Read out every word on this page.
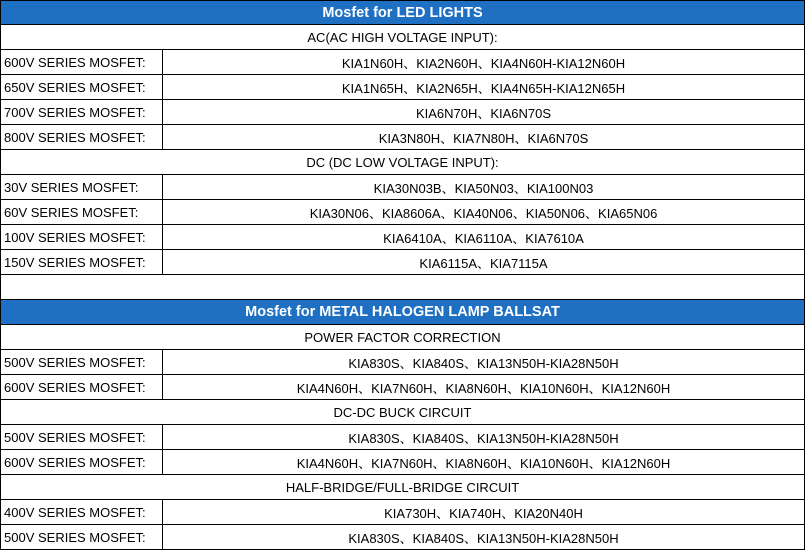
Mosfet for LED LIGHTS
AC(AC HIGH VOLTAGE INPUT):
600V SERIES MOSFET:	KIA1N60H、KIA2N60H、KIA4N60H-KIA12N60H
650V SERIES MOSFET:	KIA1N65H、KIA2N65H、KIA4N65H-KIA12N65H
700V SERIES MOSFET:	KIA6N70H、KIA6N70S
800V SERIES MOSFET:	KIA3N80H、KIA7N80H、KIA6N70S
DC (DC LOW VOLTAGE INPUT):
30V SERIES MOSFET:	KIA30N03B、KIA50N03、KIA100N03
60V SERIES MOSFET:	KIA30N06、KIA8606A、KIA40N06、KIA50N06、KIA65N06
100V SERIES MOSFET:	KIA6410A、KIA6110A、KIA7610A
150V SERIES MOSFET:	KIA6115A、KIA7115A
Mosfet for METAL HALOGEN LAMP BALLSAT
POWER FACTOR CORRECTION
500V SERIES MOSFET:	KIA830S、KIA840S、KIA13N50H-KIA28N50H
600V SERIES MOSFET:	KIA4N60H、KIA7N60H、KIA8N60H、KIA10N60H、KIA12N60H
DC-DC BUCK CIRCUIT
500V SERIES MOSFET:	KIA830S、KIA840S、KIA13N50H-KIA28N50H
600V SERIES MOSFET:	KIA4N60H、KIA7N60H、KIA8N60H、KIA10N60H、KIA12N60H
HALF-BRIDGE/FULL-BRIDGE CIRCUIT
400V SERIES MOSFET:	KIA730H、KIA740H、KIA20N40H
500V SERIES MOSFET:	KIA830S、KIA840S、KIA13N50H-KIA28N50H
